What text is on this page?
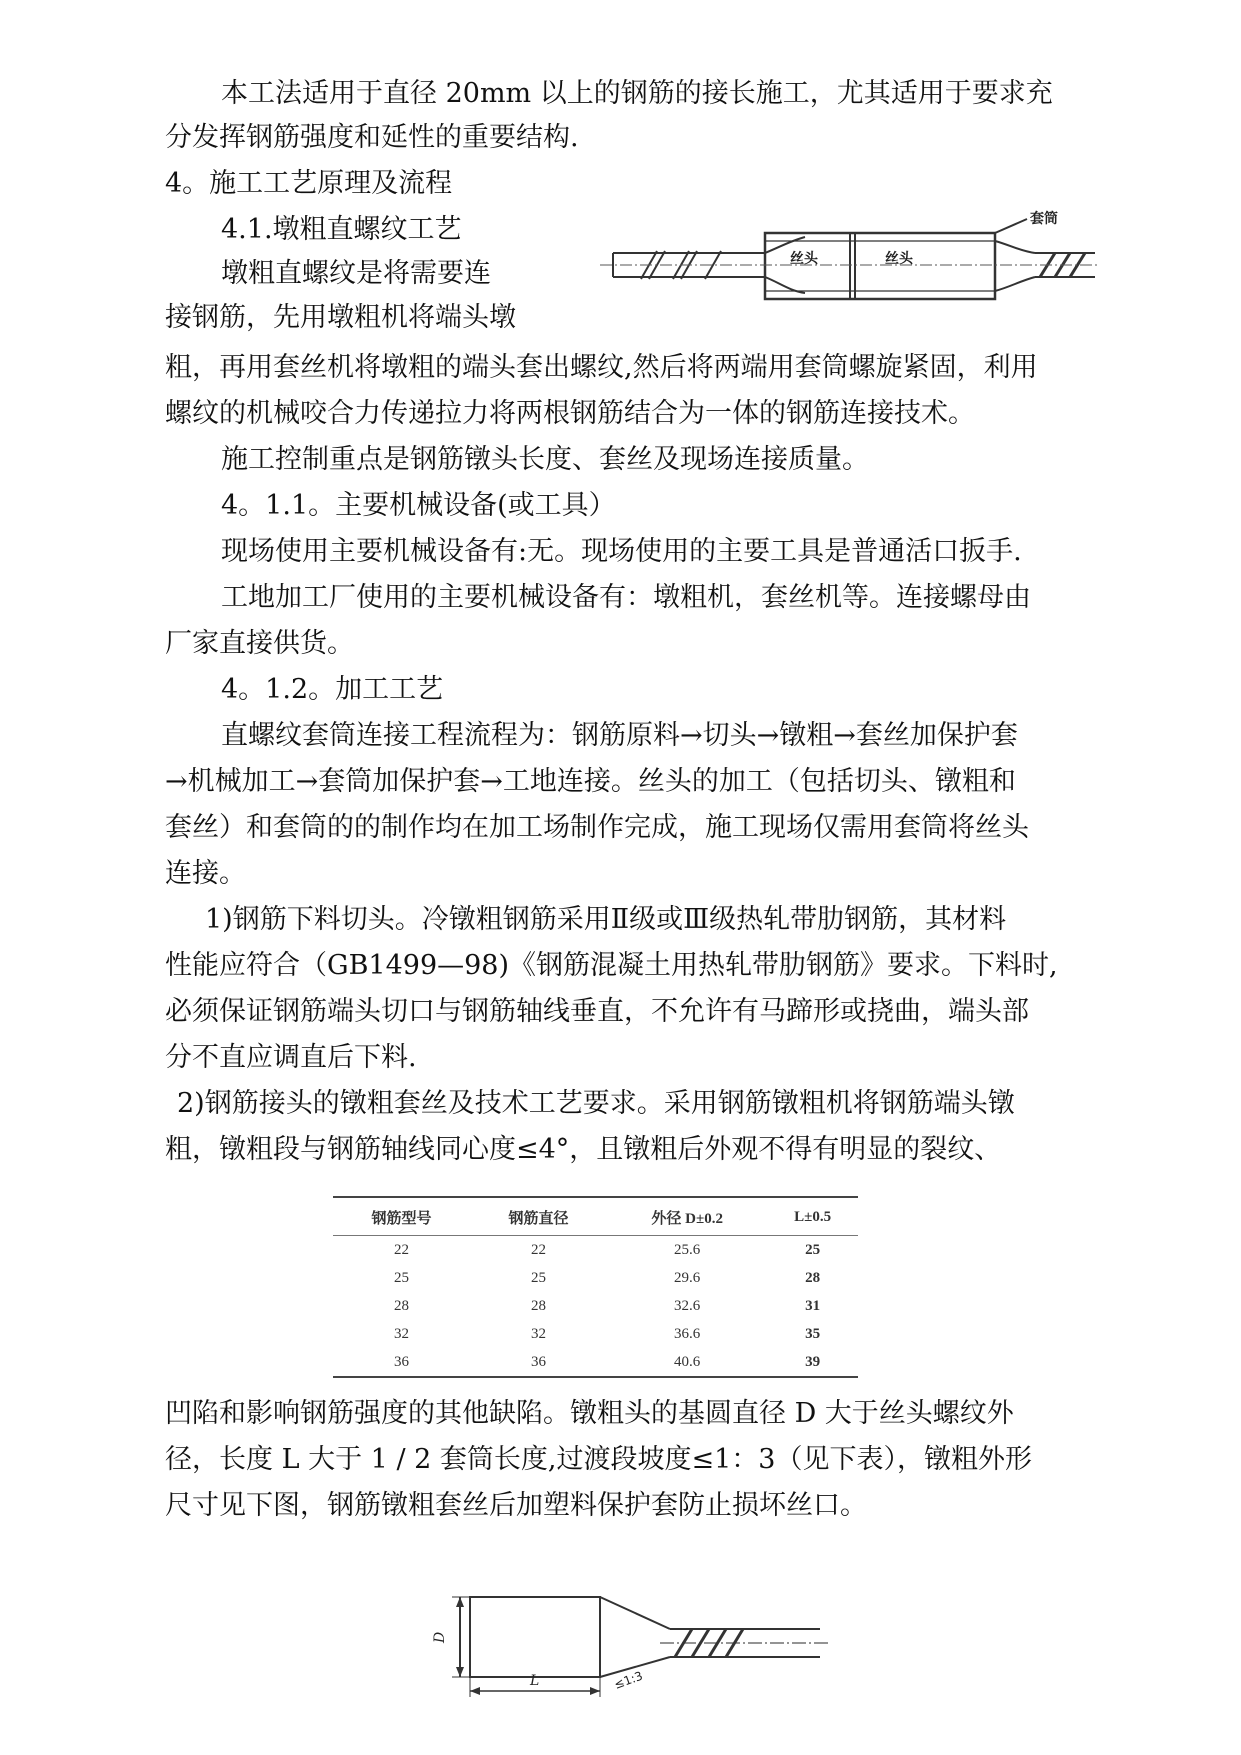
本工法适用于直径 20mm 以上的钢筋的接长施工，尤其适用于要求充

分发挥钢筋强度和延性的重要结构.

4。施工工艺原理及流程

4.1.墩粗直螺纹工艺

墩粗直螺纹是将需要连

接钢筋，先用墩粗机将端头墩

粗，再用套丝机将墩粗的端头套出螺纹,然后将两端用套筒螺旋紧固，利用

螺纹的机械咬合力传递拉力将两根钢筋结合为一体的钢筋连接技术。

施工控制重点是钢筋镦头长度、套丝及现场连接质量。

4。1.1。主要机械设备(或工具）

现场使用主要机械设备有:无。现场使用的主要工具是普通活口扳手.

工地加工厂使用的主要机械设备有：墩粗机，套丝机等。连接螺母由

厂家直接供货。

4。1.2。加工工艺

直螺纹套筒连接工程流程为：钢筋原料→切头→镦粗→套丝加保护套

→机械加工→套筒加保护套→工地连接。丝头的加工（包括切头、镦粗和

套丝）和套筒的的制作均在加工场制作完成，施工现场仅需用套筒将丝头

连接。

1)钢筋下料切头。冷镦粗钢筋采用Ⅱ级或Ⅲ级热轧带肋钢筋，其材料

性能应符合（GB1499—98)《钢筋混凝土用热轧带肋钢筋》要求。下料时,

必须保证钢筋端头切口与钢筋轴线垂直，不允许有马蹄形或挠曲，端头部

分不直应调直后下料.

2)钢筋接头的镦粗套丝及技术工艺要求。采用钢筋镦粗机将钢筋端头镦

粗，镦粗段与钢筋轴线同心度≤4°，且镦粗后外观不得有明显的裂纹、

凹陷和影响钢筋强度的其他缺陷。镦粗头的基圆直径 D 大于丝头螺纹外

径，长度 L 大于 1 / 2 套筒长度,过渡段坡度≤1：3（见下表），镦粗外形

尺寸见下图，钢筋镦粗套丝后加塑料保护套防止损坏丝口。

套筒
丝头	丝头
钢筋型号	钢筋直径	外径 D±0.2	L±0.5
22	22	25.6	25
25	25	29.6	28
28	28	32.6	31
32	32	36.6	35
36	36	40.6	39
D
L	≤1:3
